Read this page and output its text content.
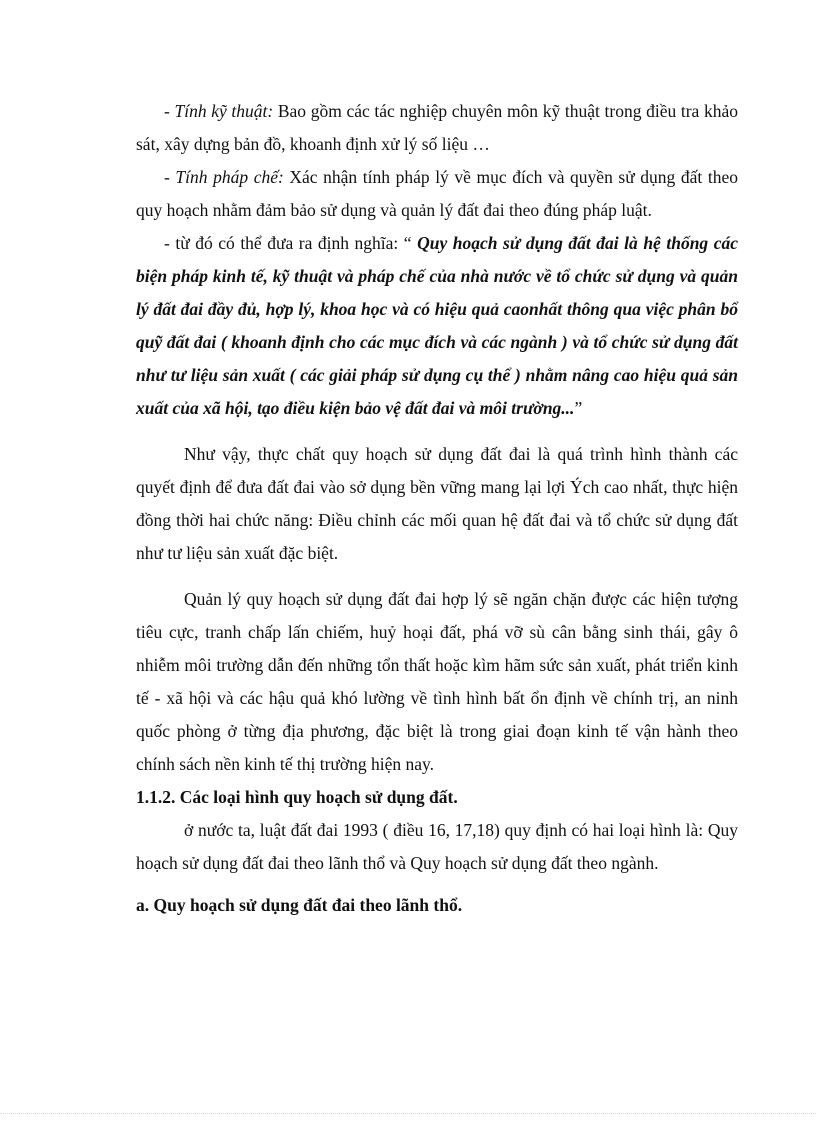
- Tính kỹ thuật: Bao gồm các tác nghiệp chuyên môn kỹ thuật trong điều tra khảo sát, xây dựng bản đồ, khoanh định xử lý số liệu …

- Tính pháp chế: Xác nhận tính pháp lý về mục đích và quyền sử dụng đất theo quy hoạch nhằm đảm bảo sử dụng và quản lý đất đai theo đúng pháp luật.

- từ đó có thể đưa ra định nghĩa: “ Quy hoạch sử dụng đất đai là hệ thống các biện pháp kinh tế, kỹ thuật và pháp chế của nhà nước về tổ chức sử dụng và quản lý đất đai đầy đủ, hợp lý, khoa học và có hiệu quả caonhất thông qua việc phân bổ quỹ đất đai ( khoanh định cho các mục đích và các ngành ) và tổ chức sử dụng đất như tư liệu sản xuất ( các giải pháp sử dụng cụ thể ) nhằm nâng cao hiệu quả sản xuất của xã hội, tạo điều kiện bảo vệ đất đai và môi trường...”

Như vậy, thực chất quy hoạch sử dụng đất đai là quá trình hình thành các quyết định để đưa đất đai vào sở dụng bền vững mang lại lợi Ých cao nhất, thực hiện đồng thời hai chức năng: Điều chỉnh các mối quan hệ đất đai và tổ chức sử dụng đất như tư liệu sản xuất đặc biệt.

Quản lý quy hoạch sử dụng đất đai hợp lý sẽ ngăn chặn được các hiện tượng tiêu cực, tranh chấp lấn chiếm, huỷ hoại đất, phá vỡ sù cân bằng sinh thái, gây ô nhiễm môi trường dẫn đến những tổn thất hoặc kìm hãm sức sản xuất, phát triển kinh tế - xã hội và các hậu quả khó lường về tình hình bất ổn định về chính trị, an ninh quốc phòng ở từng địa phương, đặc biệt là trong giai đoạn kinh tế vận hành theo chính sách nền kinh tế thị trường hiện nay.

1.1.2. Các loại hình quy hoạch sử dụng đất.

ở nước ta, luật đất đai 1993 ( điều 16, 17,18) quy định có hai loại hình là: Quy hoạch sử dụng đất đai theo lãnh thổ và Quy hoạch sử dụng đất theo ngành.

a. Quy hoạch sử dụng đất đai theo lãnh thổ.
